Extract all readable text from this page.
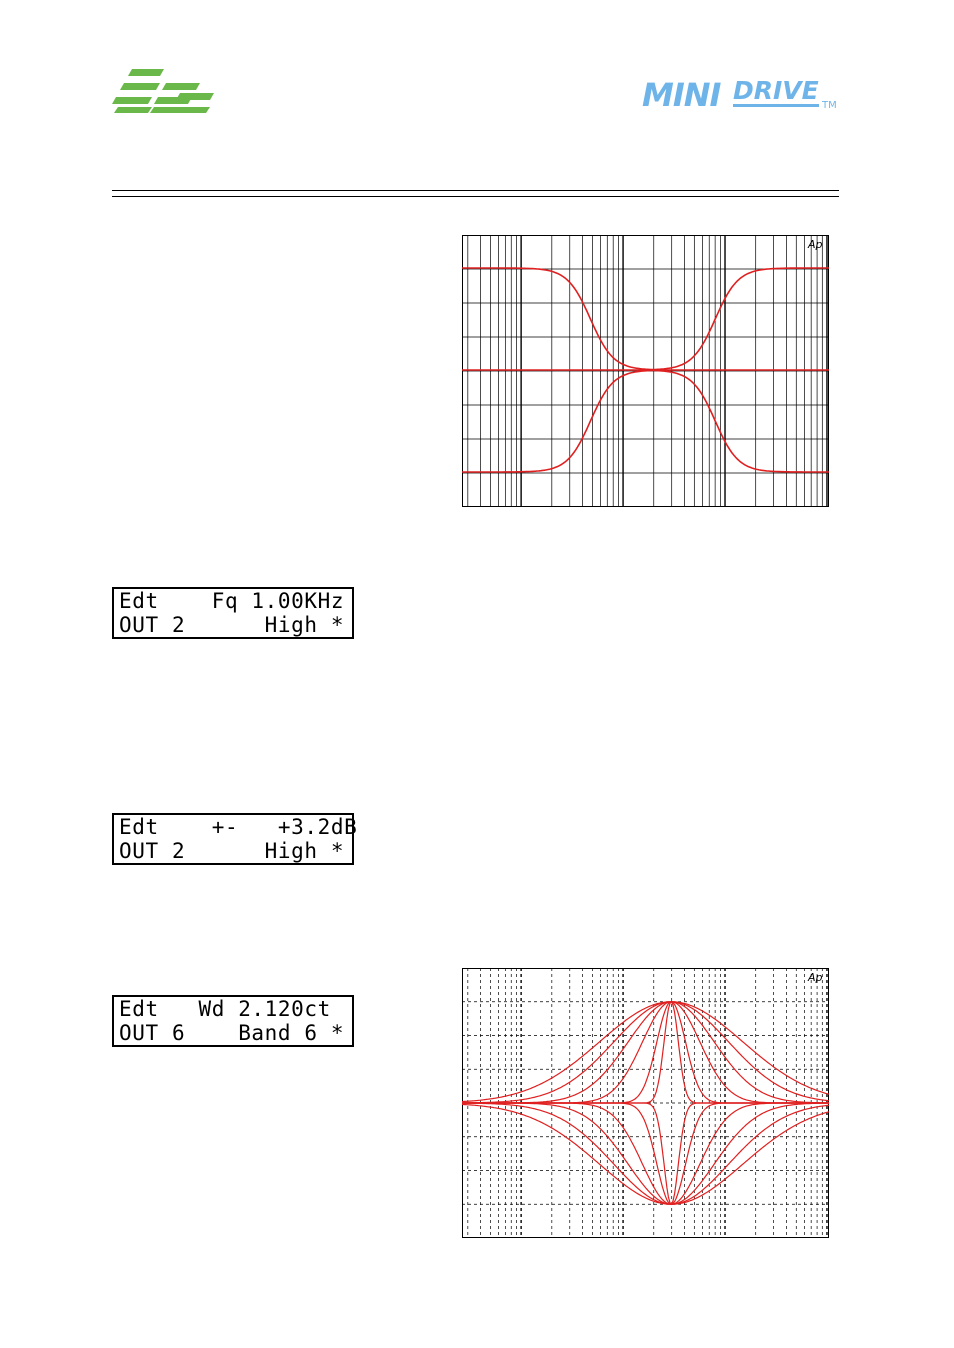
MINI DRIVE
TM
Ap
Edt    Fq 1.00KHz
OUT 2      High *
Edt    +-   +3.2dB
OUT 2      High *
Edt   Wd 2.120ct
OUT 6    Band 6 *
Ap
